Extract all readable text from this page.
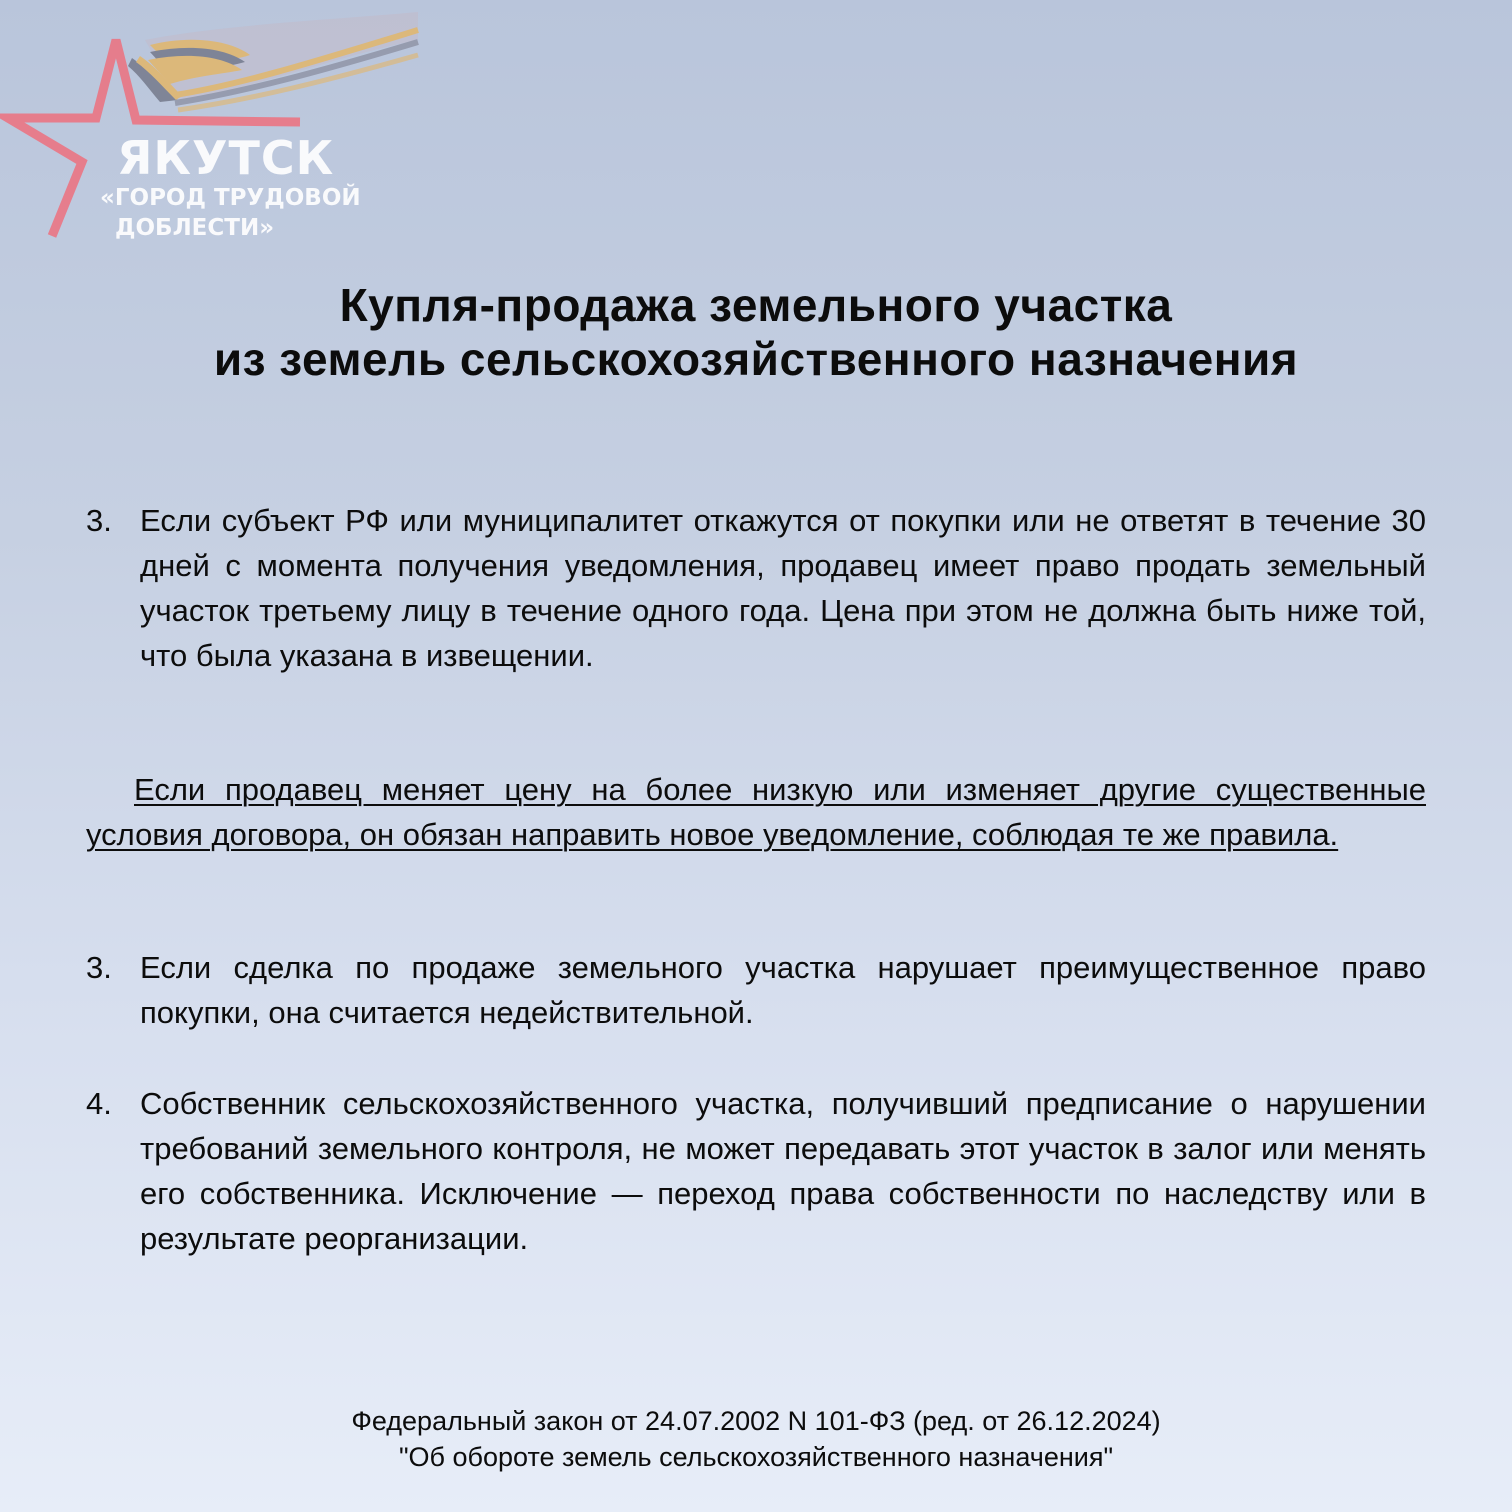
ЯКУТСК
«ГОРОД ТРУДОВОЙ
ДОБЛЕСТИ»
Купля-продажа земельного участка
из земель сельскохозяйственного назначения
3. Если субъект РФ или муниципалитет откажутся от покупки или не ответят в течение 30 дней с момента получения уведомления, продавец имеет право продать земельный участок третьему лицу в течение одного года. Цена при этом не должна быть ниже той, что была указана в извещении.
Если продавец меняет цену на более низкую или изменяет другие существенные условия договора, он обязан направить новое уведомление, соблюдая те же правила.
3. Если сделка по продаже земельного участка нарушает преимущественное право покупки, она считается недействительной.
4. Собственник сельскохозяйственного участка, получивший предписание о нарушении требований земельного контроля, не может передавать этот участок в залог или менять его собственника. Исключение — переход права собственности по наследству или в результате реорганизации.
Федеральный закон от 24.07.2002 N 101-ФЗ (ред. от 26.12.2024)
"Об обороте земель сельскохозяйственного назначения"
